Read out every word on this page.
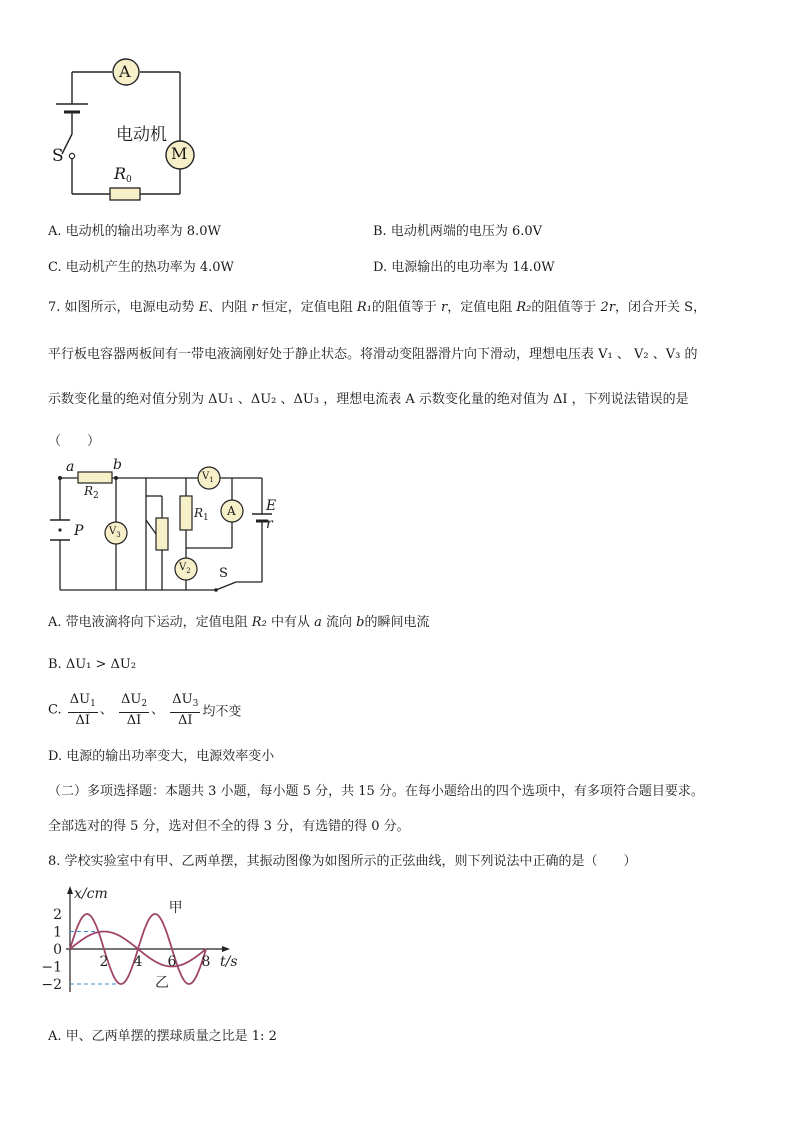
A
电动机
M
S
$R_0$
A. 电动机的输出功率为 8.0W	B. 电动机两端的电压为 6.0V
C. 电动机产生的热功率为 4.0W	D. 电源输出的电功率为 14.0W
7. 如图所示，电源电动势 E、内阻 r 恒定，定值电阻 R₁的阻值等于 r，定值电阻 R₂的阻值等于 2r，闭合开关 S，
平行板电容器两板间有一带电液滴刚好处于静止状态。将滑动变阻器滑片向下滑动，理想电压表 V₁ 、 V₂ 、V₃ 的
示数变化量的绝对值分别为 ΔU₁ 、ΔU₂ 、ΔU₃ ，理想电流表 A 示数变化量的绝对值为 ΔI ，下列说法错误的是
（　　）
a	b
$R_2$
$R_1$
$V_1$
$V_2$
$V_3$
A E
r
P
S
A. 带电液滴将向下运动，定值电阻 R₂ 中有从 a 流向 b的瞬间电流
B. ΔU₁ > ΔU₂
C. $\frac{\Delta U_1}{\Delta I}$ 、 $\frac{\Delta U_2}{\Delta I}$ 、 $\frac{\Delta U_3}{\Delta I}$ 均不变
D. 电源的输出功率变大，电源效率变小
（二）多项选择题：本题共 3 小题，每小题 5 分，共 15 分。在每小题给出的四个选项中，有多项符合题目要求。
全部选对的得 5 分，选对但不全的得 3 分，有选错的得 0 分。
8. 学校实验室中有甲、乙两单摆，其振动图像为如图所示的正弦曲线，则下列说法中正确的是（　　）
2
1
0
−1
−2
2 4 6 8
x/cm
t/s
甲
乙
A. 甲、乙两单摆的摆球质量之比是 1: 2
